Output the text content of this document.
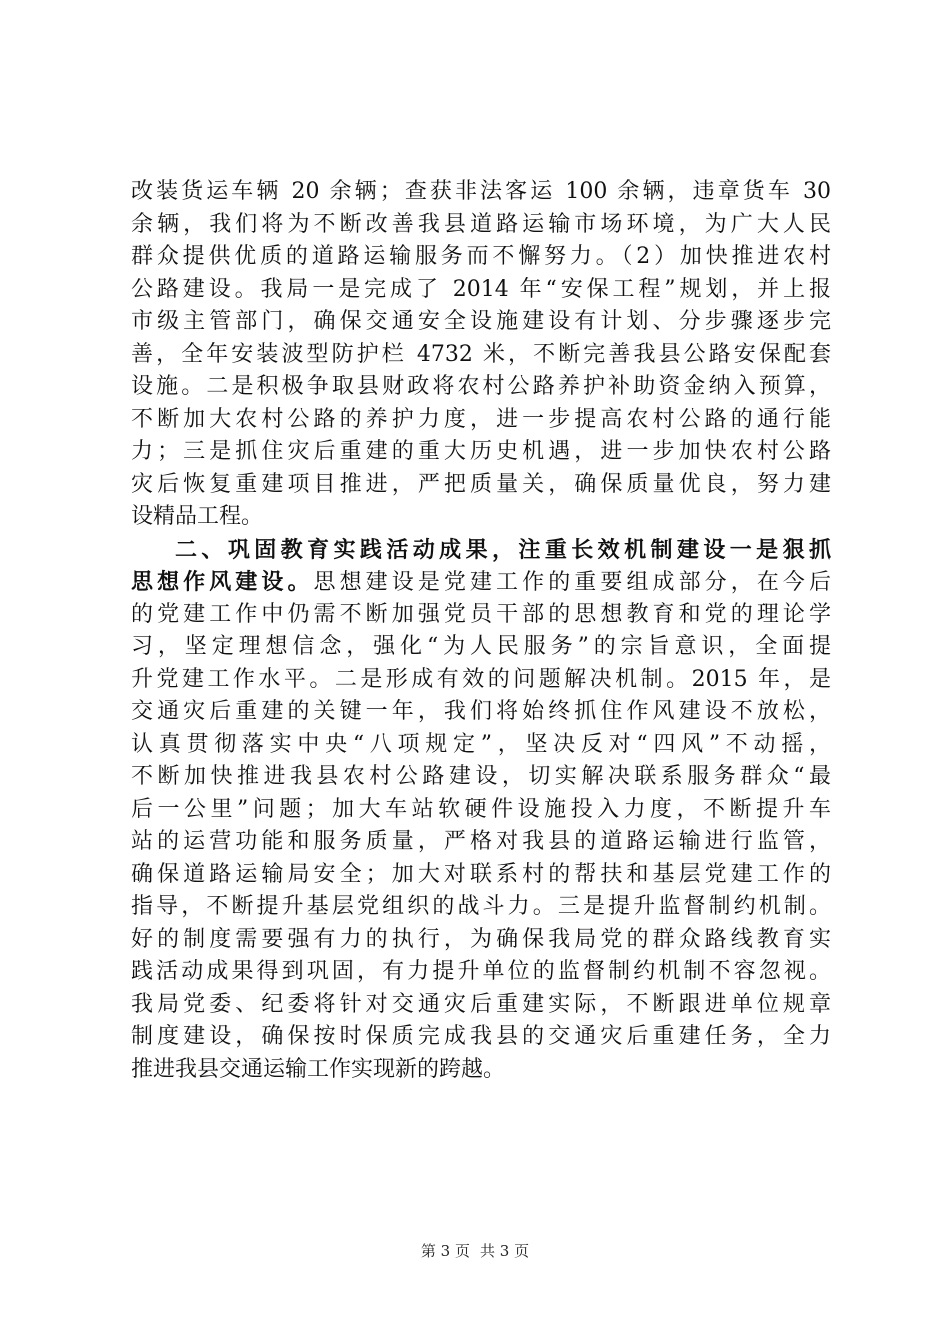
改装货运车辆 20 余辆；查获非法客运 100 余辆，违章货车 30
余辆，我们将为不断改善我县道路运输市场环境，为广大人民
群众提供优质的道路运输服务而不懈努力。（2）加快推进农村
公路建设。我局一是完成了 2014 年“安保工程”规划，并上报
市级主管部门，确保交通安全设施建设有计划、分步骤逐步完
善，全年安装波型防护栏 4732 米，不断完善我县公路安保配套
设施。二是积极争取县财政将农村公路养护补助资金纳入预算，
不断加大农村公路的养护力度，进一步提高农村公路的通行能
力；三是抓住灾后重建的重大历史机遇，进一步加快农村公路
灾后恢复重建项目推进，严把质量关，确保质量优良，努力建
设精品工程。
二、巩固教育实践活动成果，注重长效机制建设一是狠抓
思想作风建设。思想建设是党建工作的重要组成部分，在今后
的党建工作中仍需不断加强党员干部的思想教育和党的理论学
习，坚定理想信念，强化“为人民服务”的宗旨意识，全面提
升党建工作水平。二是形成有效的问题解决机制。2015 年，是
交通灾后重建的关键一年，我们将始终抓住作风建设不放松，
认真贯彻落实中央“八项规定”，坚决反对“四风”不动摇，
不断加快推进我县农村公路建设，切实解决联系服务群众“最
后一公里”问题；加大车站软硬件设施投入力度，不断提升车
站的运营功能和服务质量，严格对我县的道路运输进行监管，
确保道路运输局安全；加大对联系村的帮扶和基层党建工作的
指导，不断提升基层党组织的战斗力。三是提升监督制约机制。
好的制度需要强有力的执行，为确保我局党的群众路线教育实
践活动成果得到巩固，有力提升单位的监督制约机制不容忽视。
我局党委、纪委将针对交通灾后重建实际，不断跟进单位规章
制度建设，确保按时保质完成我县的交通灾后重建任务，全力
推进我县交通运输工作实现新的跨越。
第 3 页 共 3 页
